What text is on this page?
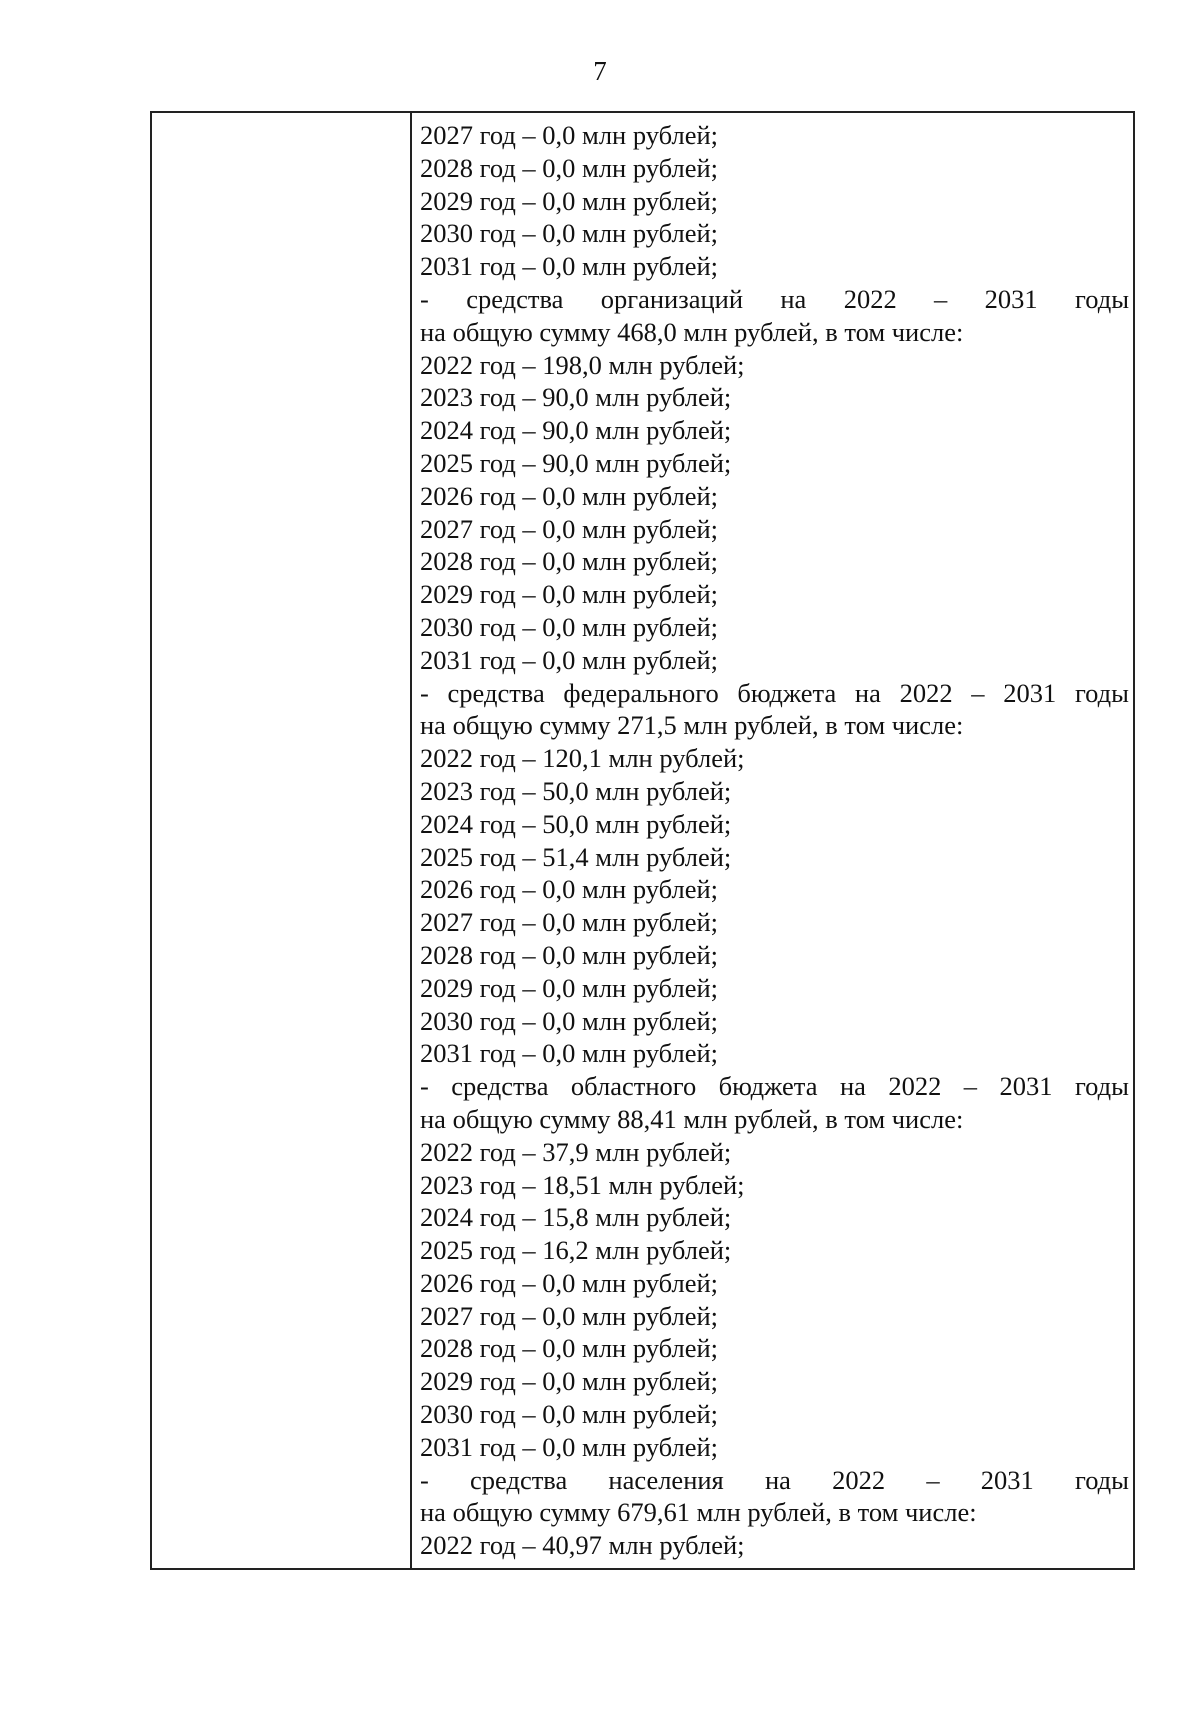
7
2027 год – 0,0 млн рублей;
2028 год – 0,0 млн рублей;
2029 год – 0,0 млн рублей;
2030 год – 0,0 млн рублей;
2031 год – 0,0 млн рублей;
- средства организаций на 2022 – 2031 годы
на общую сумму 468,0 млн рублей, в том числе:
2022 год – 198,0 млн рублей;
2023 год – 90,0 млн рублей;
2024 год – 90,0 млн рублей;
2025 год – 90,0 млн рублей;
2026 год – 0,0 млн рублей;
2027 год – 0,0 млн рублей;
2028 год – 0,0 млн рублей;
2029 год – 0,0 млн рублей;
2030 год – 0,0 млн рублей;
2031 год – 0,0 млн рублей;
- средства федерального бюджета на 2022 – 2031 годы
на общую сумму 271,5 млн рублей, в том числе:
2022 год – 120,1 млн рублей;
2023 год – 50,0 млн рублей;
2024 год – 50,0 млн рублей;
2025 год – 51,4 млн рублей;
2026 год – 0,0 млн рублей;
2027 год – 0,0 млн рублей;
2028 год – 0,0 млн рублей;
2029 год – 0,0 млн рублей;
2030 год – 0,0 млн рублей;
2031 год – 0,0 млн рублей;
- средства областного бюджета на 2022 – 2031 годы
на общую сумму 88,41 млн рублей, в том числе:
2022 год – 37,9 млн рублей;
2023 год – 18,51 млн рублей;
2024 год – 15,8 млн рублей;
2025 год – 16,2 млн рублей;
2026 год – 0,0 млн рублей;
2027 год – 0,0 млн рублей;
2028 год – 0,0 млн рублей;
2029 год – 0,0 млн рублей;
2030 год – 0,0 млн рублей;
2031 год – 0,0 млн рублей;
- средства населения на 2022 – 2031 годы
на общую сумму 679,61 млн рублей, в том числе:
2022 год – 40,97 млн рублей;
